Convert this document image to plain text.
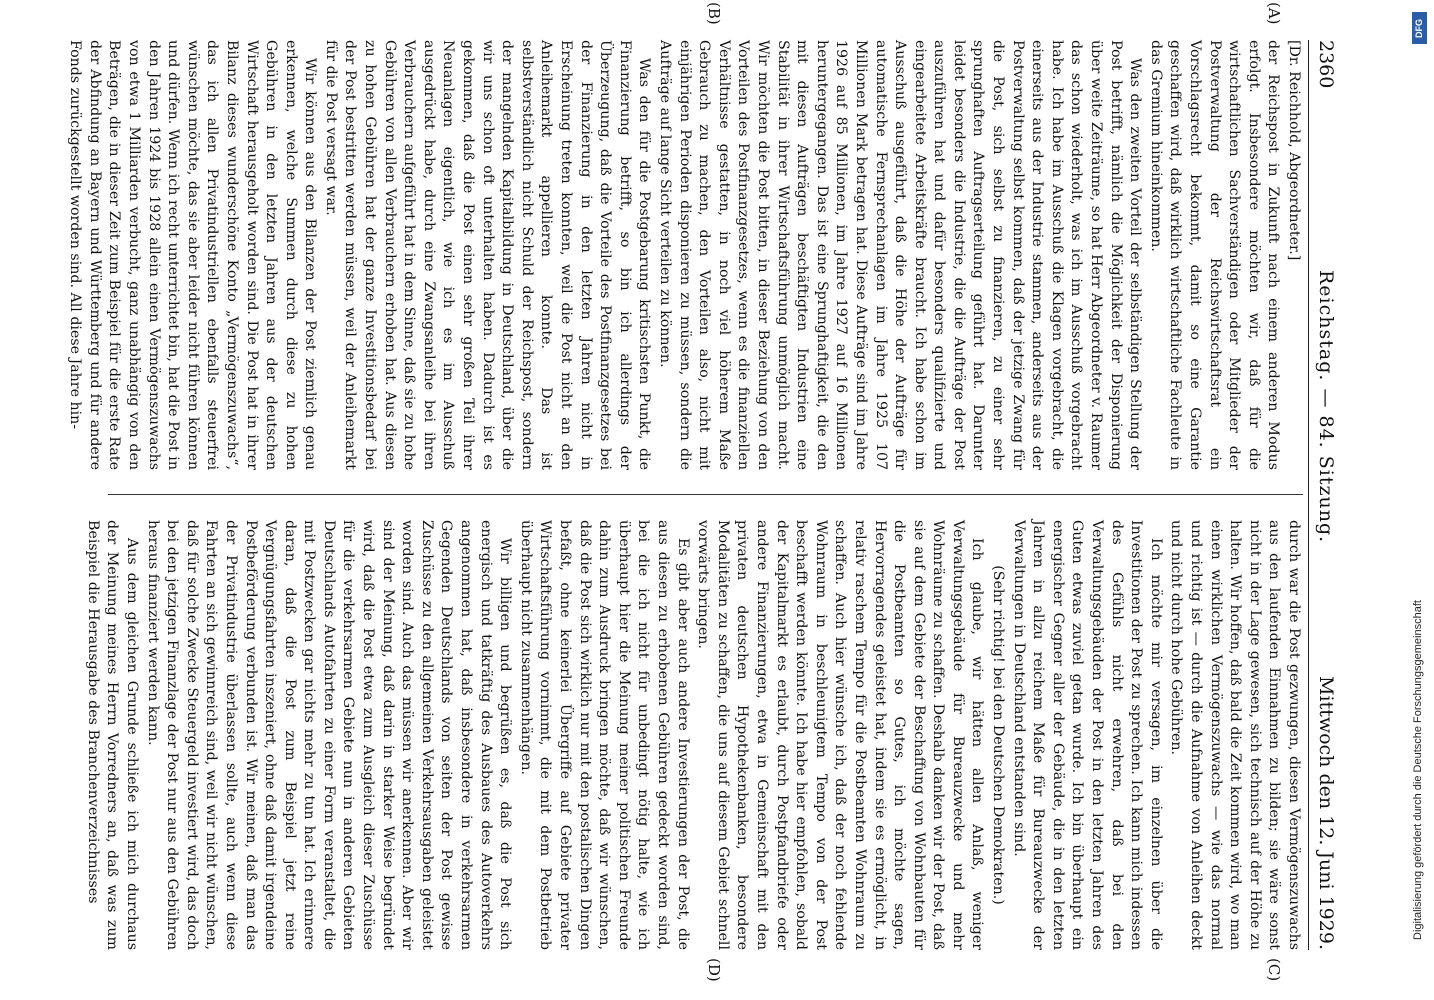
2360
Reichstag. — 84. Sitzung.
Mittwoch den 12. Juni 1929.
(A)
(B)
(C)
(D)

[Dr. Reichhold, Abgeordneter.]

der Reichspost in Zukunft nach einem anderen Modus erfolgt. Insbesondere möchten wir, daß für die wirtschaftlichen Sachverständigen oder Mitglieder der Postverwaltung der Reichswirtschaftsrat ein Vorschlagsrecht bekommt, damit so eine Garantie geschaffen wird, daß wirklich wirtschaftliche Fachleute in das Gremium hineinkommen.

Was den zweiten Vorteil der selbständigen Stellung der Post betrifft, nämlich die Möglichkeit der Disponierung über weite Zeiträume, so hat Herr Abgeordneter v. Raumer das schon wiederholt, was ich im Ausschuß vorgebracht habe. Ich habe im Ausschuß die Klagen vorgebracht, die einerseits aus der Industrie stammen, anderseits aus der Postverwaltung selbst kommen, daß der jetzige Zwang für die Post, sich selbst zu finanzieren, zu einer sehr sprunghaften Auftragserteilung geführt hat. Darunter leidet besonders die Industrie, die die Aufträge der Post auszuführen hat und dafür besonders qualifizierte und eingearbeitete Arbeitskräfte braucht. Ich habe schon im Ausschuß ausgeführt, daß die Höhe der Aufträge für automatische Fernsprechanlagen im Jahre 1925 107 Millionen Mark betragen hat. Diese Aufträge sind im Jahre 1926 auf 85 Millionen, im Jahre 1927 auf 16 Millionen heruntergegangen. Das ist eine Sprunghaftigkeit, die den mit diesen Aufträgen beschäftigten Industrien eine Stabilität in ihrer Wirtschaftsführung unmöglich macht. Wir möchten die Post bitten, in dieser Beziehung von den Vorteilen des Postfinanzgesetzes, wenn es die finanziellen Verhältnisse gestatten, in noch viel höherem Maße Gebrauch zu machen, den Vorteilen also, nicht mit einjährigen Perioden disponieren zu müssen, sondern die Aufträge auf lange Sicht verteilen zu können.

Was den für die Postgebarung kritischsten Punkt, die Finanzierung betrifft, so bin ich allerdings der Überzeugung, daß die Vorteile des Postfinanzgesetzes bei der Finanzierung in den letzten Jahren nicht in Erscheinung treten konnten, weil die Post nicht an den Anleihemarkt appellieren konnte. Das ist selbstverständlich nicht Schuld der Reichspost, sondern der mangelnden Kapitalbildung in Deutschland, über die wir uns schon oft unterhalten haben. Dadurch ist es gekommen, daß die Post einen sehr großen Teil ihrer Neuanlagen eigentlich, wie ich es im Ausschuß ausgedrückt habe, durch eine Zwangsanleihe bei ihren Verbrauchern aufgeführt hat in dem Sinne, daß sie zu hohe Gebühren von allen Verbrauchern erhoben hat. Aus diesen zu hohen Gebühren hat der ganze Investitionsbedarf bei der Post bestritten werden müssen, weil der Anleihemarkt für die Post versagt war.

Wir können aus den Bilanzen der Post ziemlich genau erkennen, welche Summen durch diese zu hohen Gebühren in den letzten Jahren aus der deutschen Wirtschaft herausgeholt worden sind. Die Post hat in ihrer Bilanz dieses wunderschöne Konto „Vermögenszuwachs“, das ich allen Privatindustriellen ebenfalls steuerfrei wünschen möchte, das sie aber leider nicht führen können und dürfen. Wenn ich recht unterrichtet bin, hat die Post in den Jahren 1924 bis 1928 allein einen Vermögenszuwachs von etwa 1 Milliarden verbucht, ganz unabhängig von den Beträgen, die in dieser Zeit zum Beispiel für die erste Rate der Abfindung an Bayern und Württemberg und für andere Fonds zurückgestellt worden sind. All diese Jahre hin-

durch war die Post gezwungen, diesen Vermögenszuwachs aus den laufenden Einnahmen zu bilden; sie wäre sonst nicht in der Lage gewesen, sich technisch auf der Höhe zu halten. Wir hoffen, daß bald die Zeit kommen wird, wo man einen wirklichen Vermögenszuwachs — wie das normal und richtig ist — durch die Aufnahme von Anleihen deckt und nicht durch hohe Gebühren.

Ich möchte mir versagen, im einzelnen über die Investitionen der Post zu sprechen. Ich kann mich indessen des Gefühls nicht erwehren, daß bei den Verwaltungsgebäuden der Post in den letzten Jahren des Guten etwas zuviel getan wurde. Ich bin überhaupt ein energischer Gegner aller der Gebäude, die in den letzten Jahren in allzu reichem Maße für Bureauzwecke der Verwaltungen in Deutschland entstanden sind.

(Sehr richtig! bei den Deutschen Demokraten.)

Ich glaube, wir hätten allen Anlaß, weniger Verwaltungsgebäude für Bureauzwecke und mehr Wohnräume zu schaffen. Deshalb danken wir der Post, daß sie auf dem Gebiete der Beschaffung von Wohnbauten für die Postbeamten so Gutes, ich möchte sagen, Hervorragendes geleistet hat, indem sie es ermöglicht, in relativ raschem Tempo für die Postbeamten Wohnraum zu schaffen. Auch hier wünsche ich, daß der noch fehlende Wohnraum in beschleunigtem Tempo von der Post beschafft werden könnte. Ich habe hier empfohlen, sobald der Kapitalmarkt es erlaubt, durch Postpfandbriefe oder andere Finanzierungen, etwa in Gemeinschaft mit den privaten deutschen Hypothekenbanken, besondere Modalitäten zu schaffen, die uns auf diesem Gebiet schnell vorwärts bringen.

Es gibt aber auch andere Investierungen der Post, die aus diesen zu erhobenen Gebühren gedeckt worden sind, bei die ich nicht für unbedingt nötig halte, wie ich überhaupt hier die Meinung meiner politischen Freunde dahin zum Ausdruck bringen möchte, daß wir wünschen, daß die Post sich wirklich nur mit den postalischen Dingen befaßt, ohne keinerlei Übergriffe auf Gebiete privater Wirtschaftsführung vornimmt, die mit dem Postbetrieb überhaupt nicht zusammenhängen.

Wir billigen und begrüßen es, daß die Post sich energisch und tatkräftig des Ausbaues des Autoverkehrs angenommen hat, daß insbesondere in verkehrsarmen Gegenden Deutschlands von seiten der Post gewisse Zuschüsse zu den allgemeinen Verkehrsausgaben geleistet worden sind. Auch das müssen wir anerkennen. Aber wir sind der Meinung, daß darin in starker Weise begründet wird, daß die Post etwa zum Ausgleich dieser Zuschüsse für die verkehrsarmen Gebiete nun in anderen Gebieten Deutschlands Autofahrten zu einer Form veranstaltet, die mit Postzwecken gar nichts mehr zu tun hat. Ich erinnere daran, daß die Post zum Beispiel jetzt reine Vergnügungsfahrten inszeniert, ohne daß damit irgendeine Postbeförderung verbunden ist. Wir meinen, daß man das der Privatindustrie überlassen sollte, auch wenn diese Fahrten an sich gewinnreich sind, weil wir nicht wünschen, daß für solche Zwecke Steuergeld investiert wird, das doch bei den jetzigen Finanzlage der Post nur aus den Gebühren heraus finanziert werden kann.

Aus dem gleichen Grunde schließe ich mich durchaus der Meinung meines Herrn Vorredners an, daß was zum Beispiel die Herausgabe des Branchenverzeichnisses

DFG
Digitalisierung gefördert durch die Deutsche Forschungsgemeinschaft
